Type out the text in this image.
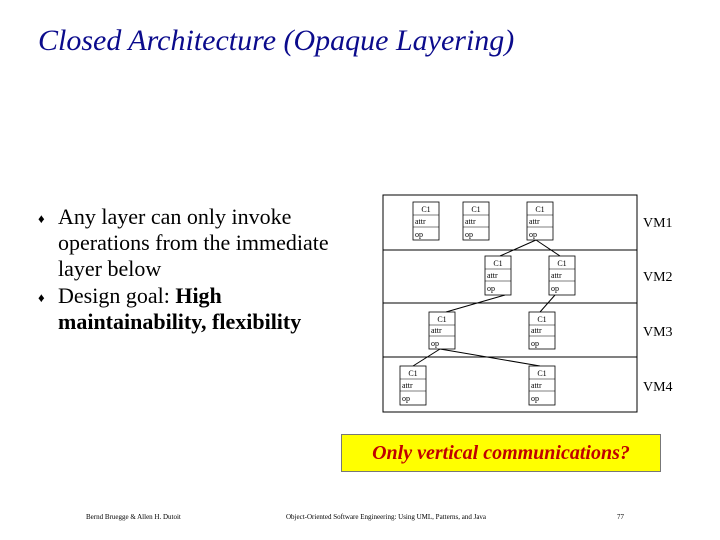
Closed Architecture (Opaque Layering)
♦ Any layer can only invoke operations from the immediate layer below
♦ Design goal: High maintainability, flexibility
C1
attr
op
C1
attr
op
C1
attr
op
C1
attr
op
C1
attr
op
C1
attr
op
C1
attr
op
C1
attr
op
C1
attr
op
VM1
VM2
VM3
VM4
Only vertical communications?
Bernd Bruegge & Allen H. Dutoit	Object-Oriented Software Engineering: Using UML, Patterns, and Java	77
